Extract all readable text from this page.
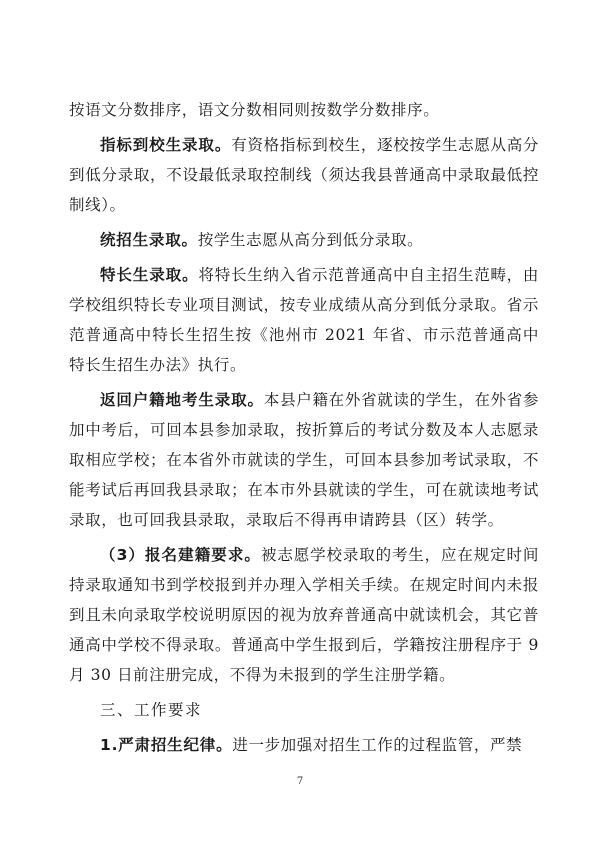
按语文分数排序，语文分数相同则按数学分数排序。

指标到校生录取。有资格指标到校生，逐校按学生志愿从高分到低分录取，不设最低录取控制线（须达我县普通高中录取最低控制线）。

统招生录取。按学生志愿从高分到低分录取。

特长生录取。将特长生纳入省示范普通高中自主招生范畴，由学校组织特长专业项目测试，按专业成绩从高分到低分录取。省示范普通高中特长生招生按《池州市 2021 年省、市示范普通高中特长生招生办法》执行。

返回户籍地考生录取。本县户籍在外省就读的学生，在外省参加中考后，可回本县参加录取，按折算后的考试分数及本人志愿录取相应学校；在本省外市就读的学生，可回本县参加考试录取，不能考试后再回我县录取；在本市外县就读的学生，可在就读地考试录取，也可回我县录取，录取后不得再申请跨县（区）转学。

（3）报名建籍要求。被志愿学校录取的考生，应在规定时间持录取通知书到学校报到并办理入学相关手续。在规定时间内未报到且未向录取学校说明原因的视为放弃普通高中就读机会，其它普通高中学校不得录取。普通高中学生报到后，学籍按注册程序于 9 月 30 日前注册完成，不得为未报到的学生注册学籍。

三、工作要求

1.严肃招生纪律。进一步加强对招生工作的过程监管，严禁

7
